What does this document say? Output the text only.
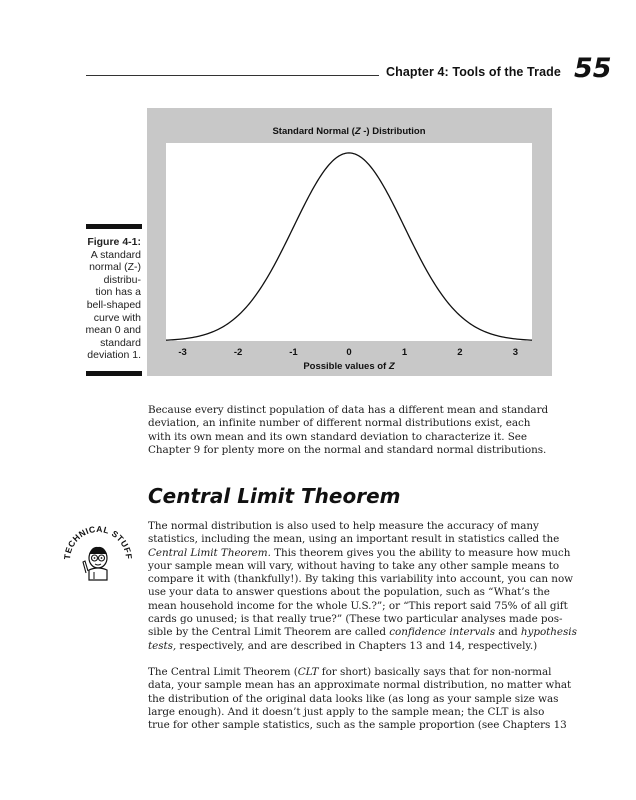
Chapter 4: Tools of the Trade 55
Figure 4-1:
A standard
normal (Z-)
distribu-
tion has a
bell-shaped
curve with
mean 0 and
standard
deviation 1.
Standard Normal (Z -) Distribution
-3	-2	-1	0	1	2	3
Possible values of Z
Because every distinct population of data has a different mean and standard
deviation, an infinite number of different normal distributions exist, each
with its own mean and its own standard deviation to characterize it. See
Chapter 9 for plenty more on the normal and standard normal distributions.
Central Limit Theorem
TECHNICAL STUFF
The normal distribution is also used to help measure the accuracy of many
statistics, including the mean, using an important result in statistics called the
Central Limit Theorem. This theorem gives you the ability to measure how much
your sample mean will vary, without having to take any other sample means to
compare it with (thankfully!). By taking this variability into account, you can now
use your data to answer questions about the population, such as “What’s the
mean household income for the whole U.S.?”; or “This report said 75% of all gift
cards go unused; is that really true?” (These two particular analyses made pos-
sible by the Central Limit Theorem are called confidence intervals and hypothesis
tests, respectively, and are described in Chapters 13 and 14, respectively.)
The Central Limit Theorem (CLT for short) basically says that for non-normal
data, your sample mean has an approximate normal distribution, no matter what
the distribution of the original data looks like (as long as your sample size was
large enough). And it doesn’t just apply to the sample mean; the CLT is also
true for other sample statistics, such as the sample proportion (see Chapters 13
